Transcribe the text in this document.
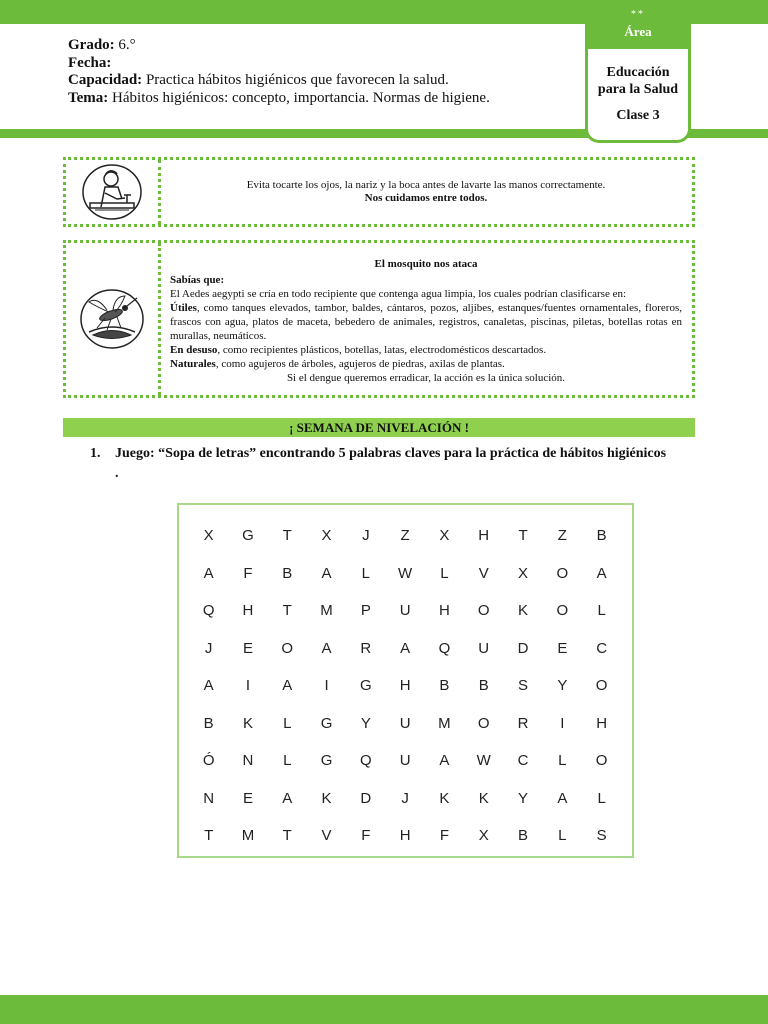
Grado: 6.°
Fecha:
Capacidad: Practica hábitos higiénicos que favorecen la salud.
Tema: Hábitos higiénicos: concepto, importancia. Normas de higiene.
**
Área
Educación
para la Salud
Clase 3
Evita tocarte los ojos, la nariz y la boca antes de lavarte las manos correctamente.
Nos cuidamos entre todos.
El mosquito nos ataca
Sabías que:
El Aedes aegypti se cría en todo recipiente que contenga agua limpia, los cuales podrían clasificarse en:
Útiles, como tanques elevados, tambor, baldes, cántaros, pozos, aljibes, estanques/fuentes ornamentales, floreros, frascos con agua, platos de maceta, bebedero de animales, registros, canaletas, piscinas, piletas, botellas rotas en murallas, neumáticos.
En desuso, como recipientes plásticos, botellas, latas, electrodomésticos descartados.
Naturales, como agujeros de árboles, agujeros de piedras, axilas de plantas.
Si el dengue queremos erradicar, la acción es la única solución.
¡ SEMANA DE NIVELACIÓN !
1.	Juego: “Sopa de letras” encontrando 5 palabras claves para la práctica de hábitos higiénicos .
X	G	T	X	J	Z	X	H	T	Z	B
A	F	B	A	L	W	L	V	X	O	A
Q	H	T	M	P	U	H	O	K	O	L
J	E	O	A	R	A	Q	U	D	E	C
A	I	A	I	G	H	B	B	S	Y	O
B	K	L	G	Y	U	M	O	R	I	H
Ó	N	L	G	Q	U	A	W	C	L	O
N	E	A	K	D	J	K	K	Y	A	L
T	M	T	V	F	H	F	X	B	L	S
